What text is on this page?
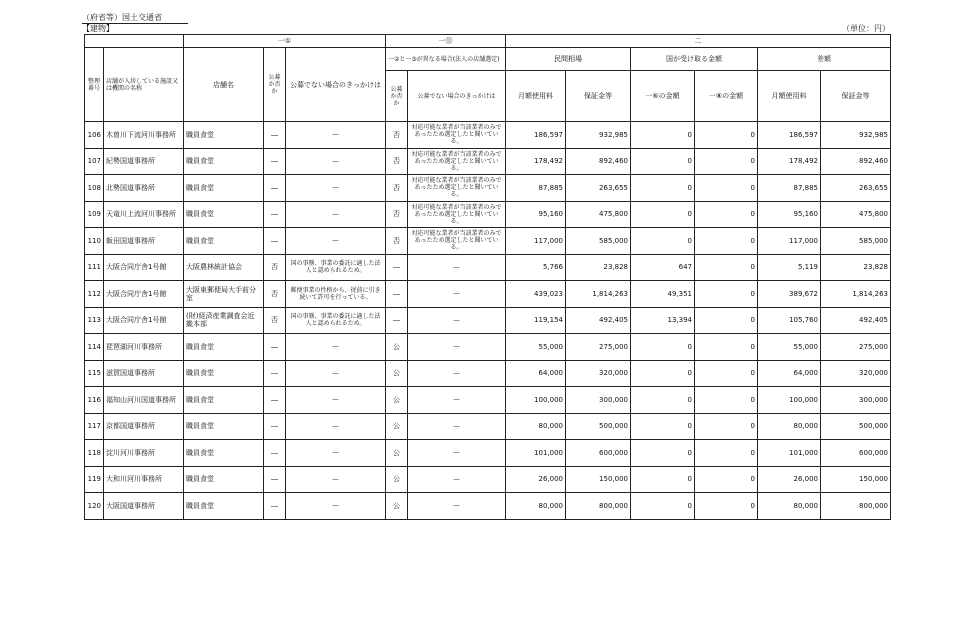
（府省等）国土交通省
【建物】	（単位：円）
		一①			一⑪		二					
整理番号	店舗が入居している施設又は機関の名称	店舗名	公募か否か	公募でない場合のきっかけは	一②と一③が異なる場合(法人の店舗選定)		民間相場		国が受け取る金額		差額	
					公募か否か	公募でない場合のきっかけは	月額使用料	保証金等	一⑥の金額	一⑧の金額	月額使用料	保証金等
106	木曽川下流河川事務所	職員食堂	―	―	否	対応可能な業者が当該業者のみであったため選定したと聞いている。	186,597	932,985	0	0	186,597	932,985
107	紀勢国道事務所	職員食堂	―	―	否	対応可能な業者が当該業者のみであったため選定したと聞いている。	178,492	892,460	0	0	178,492	892,460
108	北勢国道事務所	職員食堂	―	―	否	対応可能な業者が当該業者のみであったため選定したと聞いている。	87,885	263,655	0	0	87,885	263,655
109	天竜川上流河川事務所	職員食堂	―	―	否	対応可能な業者が当該業者のみであったため選定したと聞いている。	95,160	475,800	0	0	95,160	475,800
110	飯田国道事務所	職員食堂	―	―	否	対応可能な業者が当該業者のみであったため選定したと聞いている。	117,000	585,000	0	0	117,000	585,000
111	大阪合同庁舎1号館	大阪農林統計協会	否	国の事務、事業の委託に適した法人と認められるため。	―	―	5,766	23,828	647	0	5,119	23,828
112	大阪合同庁舎1号館	大阪東郵便局大手前分室	否	郵便事業の性格から、従前に引き続いて許可を行っている。	―	―	439,023	1,814,263	49,351	0	389,672	1,814,263
113	大阪合同庁舎1号館	(財)経済産業調査会近畿本部	否	国の事務、事業の委託に適した法人と認められるため。	―	―	119,154	492,405	13,394	0	105,760	492,405
114	琵琶湖河川事務所	職員食堂	―	―	公	―	55,000	275,000	0	0	55,000	275,000
115	滋賀国道事務所	職員食堂	―	―	公	―	64,000	320,000	0	0	64,000	320,000
116	福知山河川国道事務所	職員食堂	―	―	公	―	100,000	300,000	0	0	100,000	300,000
117	京都国道事務所	職員食堂	―	―	公	―	80,000	500,000	0	0	80,000	500,000
118	淀川河川事務所	職員食堂	―	―	公	―	101,000	600,000	0	0	101,000	600,000
119	大和川河川事務所	職員食堂	―	―	公	―	26,000	150,000	0	0	26,000	150,000
120	大阪国道事務所	職員食堂	―	―	公	―	80,000	800,000	0	0	80,000	800,000
